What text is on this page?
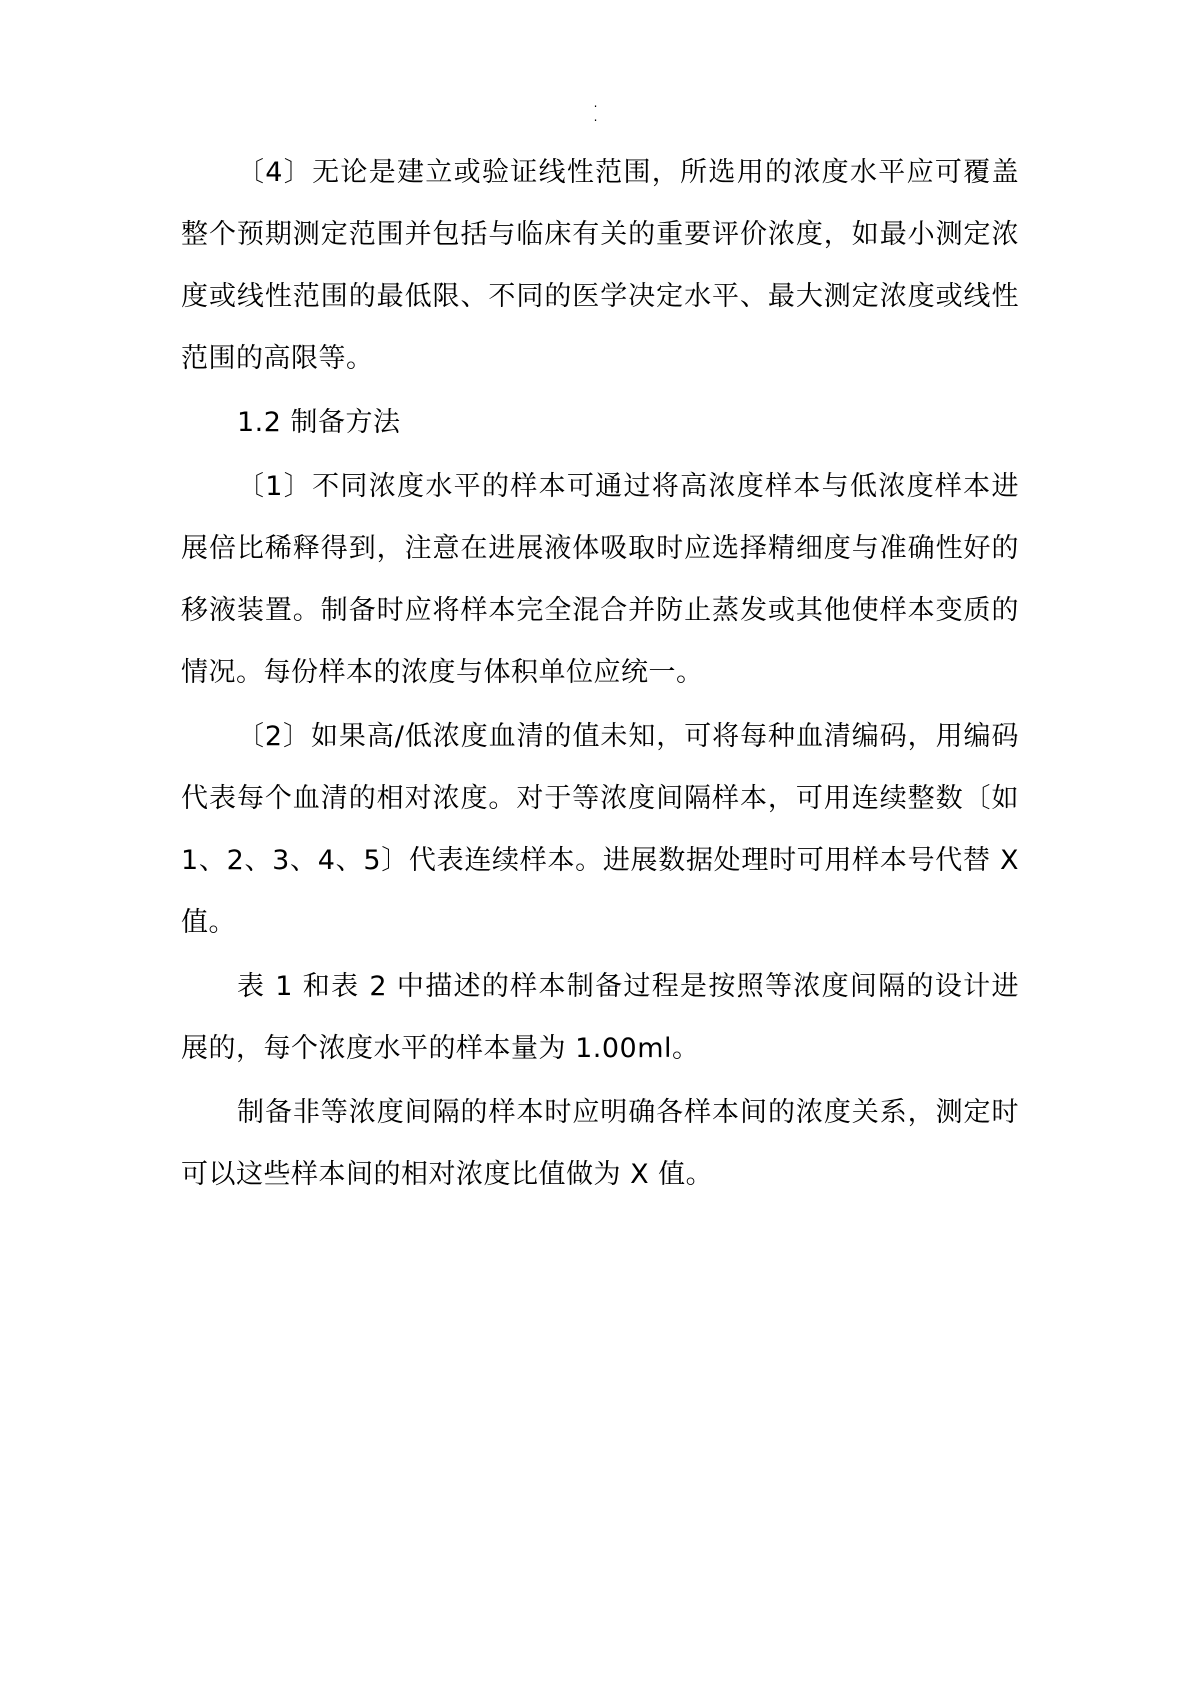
.
.

〔4〕无论是建立或验证线性范围，所选用的浓度水平应可覆盖整个预期测定范围并包括与临床有关的重要评价浓度，如最小测定浓度或线性范围的最低限、不同的医学决定水平、最大测定浓度或线性范围的高限等。

1.2 制备方法

〔1〕不同浓度水平的样本可通过将高浓度样本与低浓度样本进展倍比稀释得到，注意在进展液体吸取时应选择精细度与准确性好的移液装置。制备时应将样本完全混合并防止蒸发或其他使样本变质的情况。每份样本的浓度与体积单位应统一。

〔2〕如果高/低浓度血清的值未知，可将每种血清编码，用编码代表每个血清的相对浓度。对于等浓度间隔样本，可用连续整数〔如1、2、3、4、5〕代表连续样本。进展数据处理时可用样本号代替 X 值。

表 1 和表 2 中描述的样本制备过程是按照等浓度间隔的设计进展的，每个浓度水平的样本量为 1.00ml。

制备非等浓度间隔的样本时应明确各样本间的浓度关系，测定时可以这些样本间的相对浓度比值做为 X 值。
